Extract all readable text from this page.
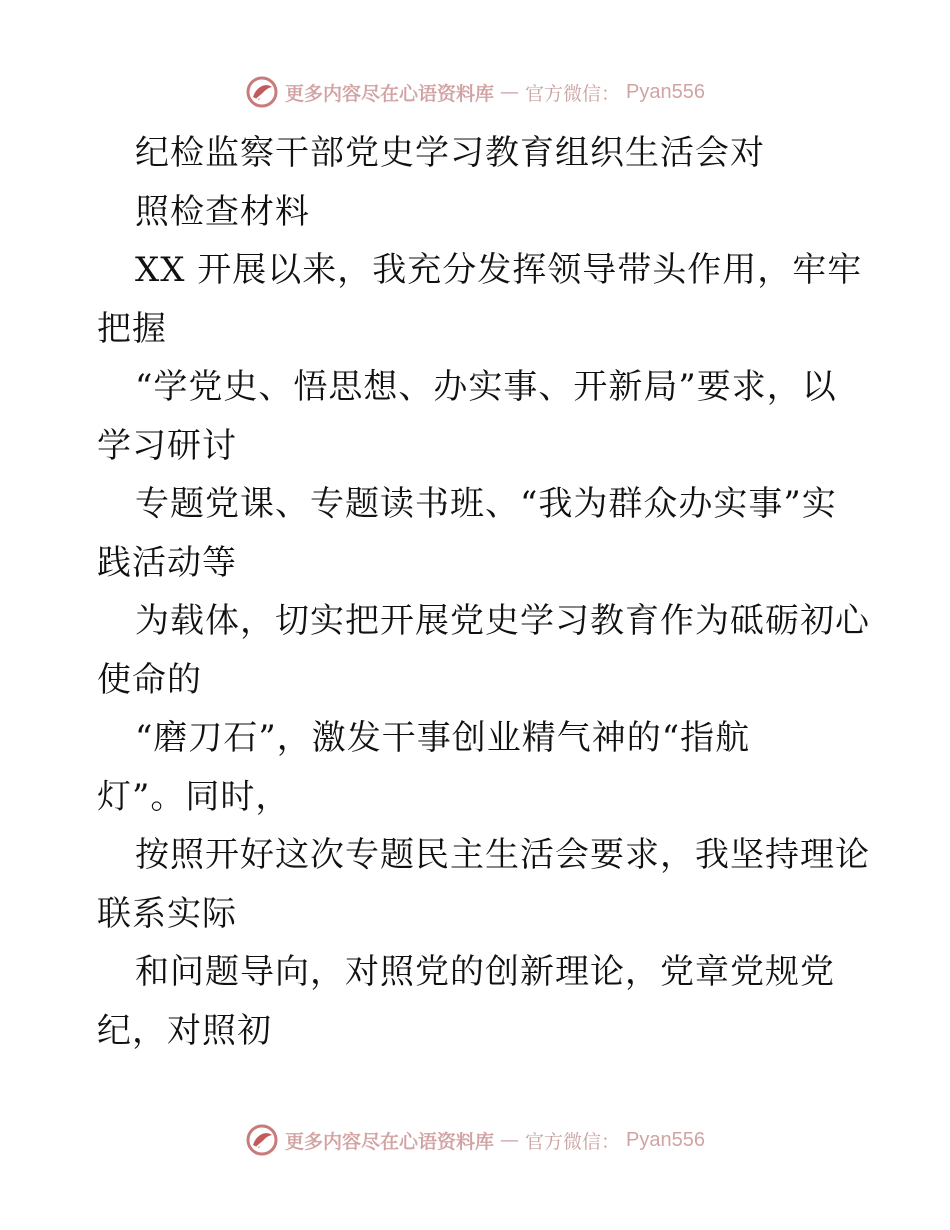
更多内容尽在心语资料库 — 官方微信： Pyan556
纪检监察干部党史学习教育组织生活会对
照检查材料
XX 开展以来，我充分发挥领导带头作用，牢牢
把握
“学党史、悟思想、办实事、开新局”要求，以
学习研讨
专题党课、专题读书班、“我为群众办实事”实
践活动等
为载体，切实把开展党史学习教育作为砥砺初心
使命的
“磨刀石”，激发干事创业精气神的“指航
灯”。同时，
按照开好这次专题民主生活会要求，我坚持理论
联系实际
和问题导向，对照党的创新理论，党章党规党
纪，对照初
更多内容尽在心语资料库 — 官方微信： Pyan556
